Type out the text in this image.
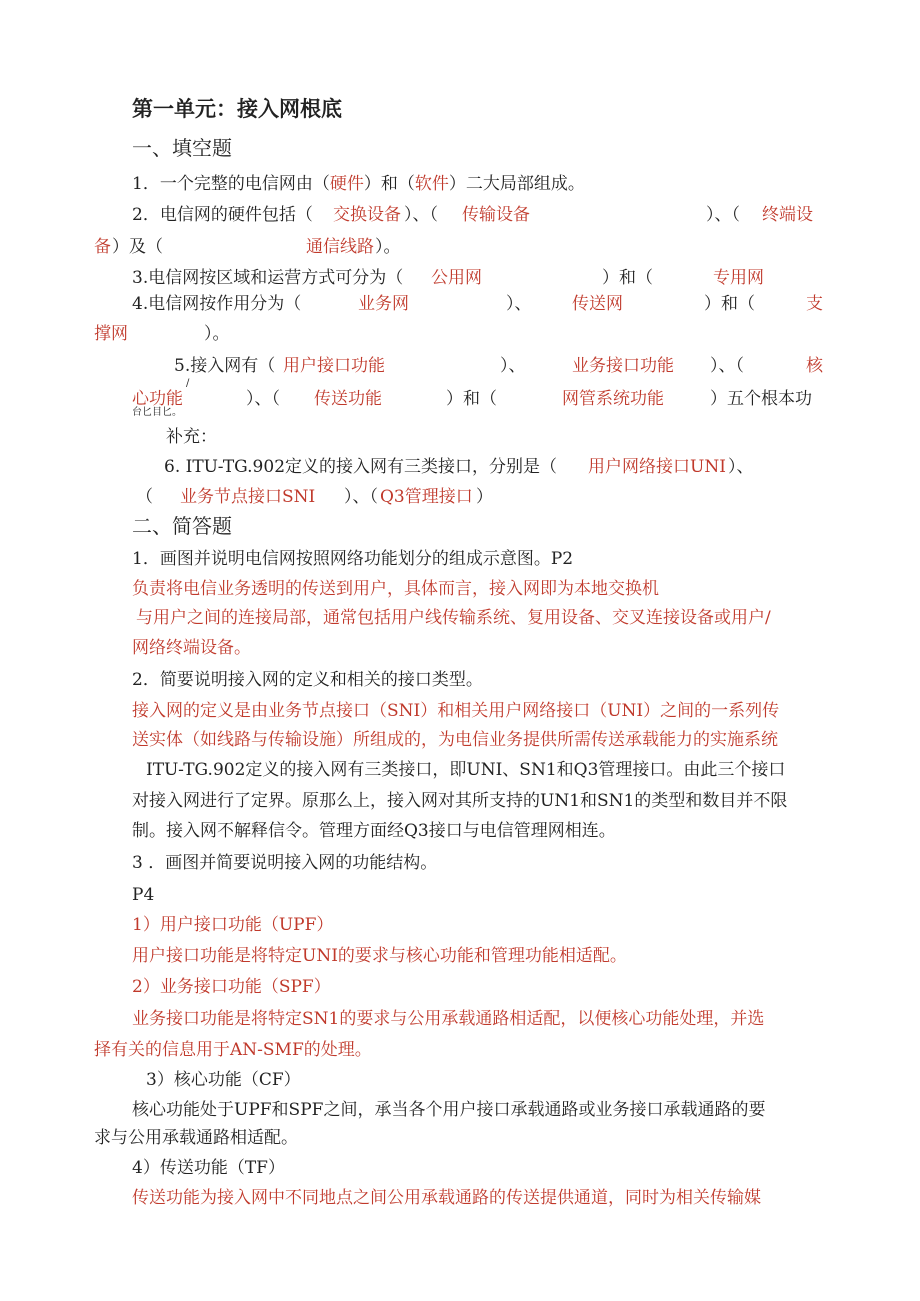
第一单元：接入网根底
一、填空题
1．一个完整的电信网由（硬件）和（软件）二大局部组成。
2．电信网的硬件包括（ 交换设备 ）、（ 传输设备	）、（ 终端设
备 ）及（	通信线路 ）。
3.电信网按区域和运营方式可分为（ 公用网	）和（	专用网
4.电信网按作用分为（	业务网	）、 传送网	）和（	支
撑网	）。
5.接入网有（ 用户接口功能	）、	业务接口功能 ）、（	核
心功能	）、（ 传送功能	）和（	网管系统功能	）五个根本功
台匕目匕。
/
补充：
6. ITU-TG.902定义的接入网有三类接口，分别是（ 用户网络接口UNI ）、
（ 业务节点接口SNI ）、（ Q3管理接口 ）
二、简答题
1．画图并说明电信网按照网络功能划分的组成示意图。P2
负责将电信业务透明的传送到用户，具体而言，接入网即为本地交换机
与用户之间的连接局部，通常包括用户线传输系统、复用设备、交叉连接设备或用户/
网络终端设备。
2．简要说明接入网的定义和相关的接口类型。
接入网的定义是由业务节点接口（SNI）和相关用户网络接口（UNI）之间的一系列传
送实体（如线路与传输设施）所组成的，为电信业务提供所需传送承载能力的实施系统
ITU-TG.902定义的接入网有三类接口，即UNI、SN1和Q3管理接口。由此三个接口
对接入网进行了定界。原那么上，接入网对其所支持的UN1和SN1的类型和数目并不限
制。接入网不解释信令。管理方面经Q3接口与电信管理网相连。
3 ．画图并简要说明接入网的功能结构。
P4
1）用户接口功能（UPF）
用户接口功能是将特定UNI的要求与核心功能和管理功能相适配。
2）业务接口功能（SPF）
业务接口功能是将特定SN1的要求与公用承载通路相适配，以便核心功能处理，并选
择有关的信息用于AN-SMF的处理。
3）核心功能（CF）
核心功能处于UPF和SPF之间，承当各个用户接口承载通路或业务接口承载通路的要
求与公用承载通路相适配。
4）传送功能（TF）
传送功能为接入网中不同地点之间公用承载通路的传送提供通道，同时为相关传输媒
